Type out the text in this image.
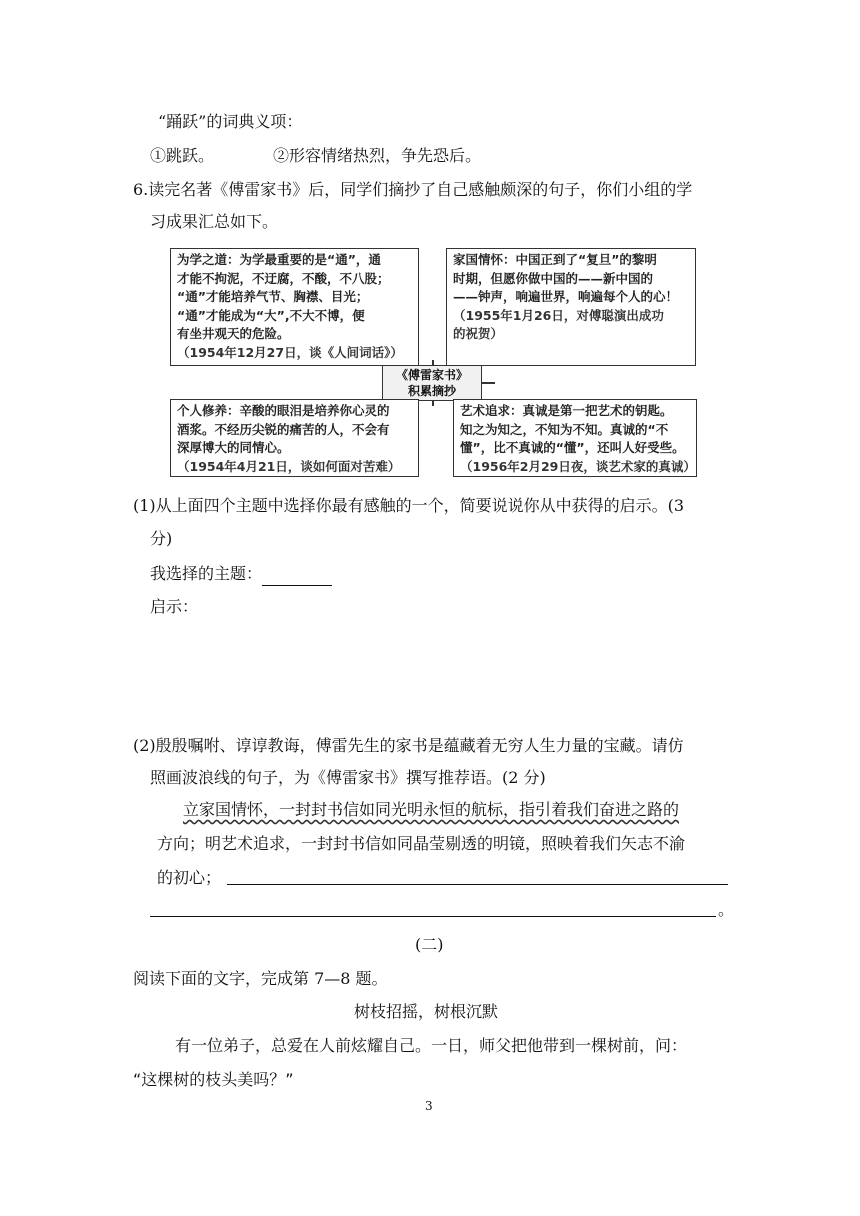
“踊跃”的词典义项：
①跳跃。	②形容情绪热烈，争先恐后。
6.读完名著《傅雷家书》后，同学们摘抄了自己感触颇深的句子，你们小组的学
习成果汇总如下。
为学之道：为学最重要的是“通”，通
才能不拘泥，不迂腐，不酸，不八股；
“通”才能培养气节、胸襟、目光；
“通”才能成为“大”,不大不博，便
有坐井观天的危险。
（1954年12月27日，谈《人间词话》）
家国情怀：中国正到了“复旦”的黎明
时期，但愿你做中国的——新中国的
——钟声，响遍世界，响遍每个人的心！
（1955年1月26日，对傅聪演出成功
的祝贺）
《傅雷家书》
积累摘抄
个人修养：辛酸的眼泪是培养你心灵的
酒浆。不经历尖锐的痛苦的人，不会有
深厚博大的同情心。
（1954年4月21日，谈如何面对苦难）
艺术追求：真诚是第一把艺术的钥匙。
知之为知之，不知为不知。真诚的“不
懂”，比不真诚的“懂”，还叫人好受些。
（1956年2月29日夜，谈艺术家的真诚）
(1)从上面四个主题中选择你最有感触的一个，简要说说你从中获得的启示。(3
分)
我选择的主题：
启示：
(2)殷殷嘱咐、谆谆教诲，傅雷先生的家书是蕴藏着无穷人生力量的宝藏。请仿
照画波浪线的句子，为《傅雷家书》撰写推荐语。(2 分)
立家国情怀，一封封书信如同光明永恒的航标，指引着我们奋进之路的
方向；明艺术追求，一封封书信如同晶莹剔透的明镜，照映着我们矢志不渝
的初心；
。
(二)
阅读下面的文字，完成第 7—8 题。
树枝招摇，树根沉默
有一位弟子，总爱在人前炫耀自己。一日，师父把他带到一棵树前，问：
“这棵树的枝头美吗？”
3
